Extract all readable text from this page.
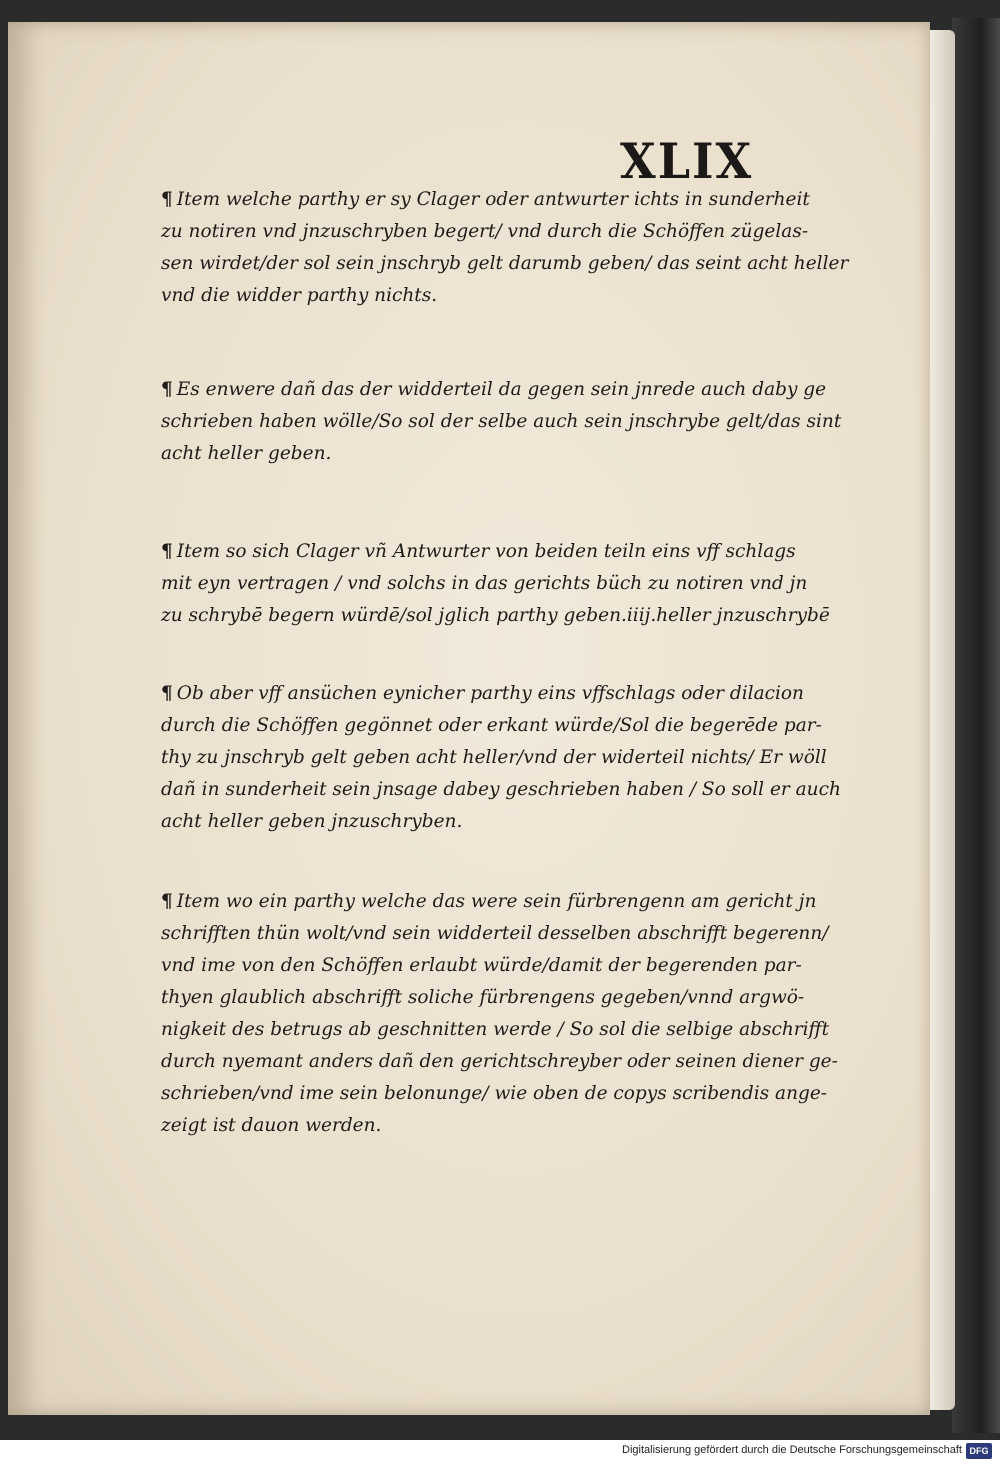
XLIX

¶ Item welche parthy er sy Clager oder antwurter ichts in sunderheit
zu notiren vnd jnzuschryben begert/ vnd durch die Schöffen zügelas-
sen wirdet/der sol sein jnschryb gelt darumb geben/ das seint acht heller
vnd die widder parthy nichts.

¶ Es enwere dañ das der widderteil da gegen sein jnrede auch daby ge
schrieben haben wölle/So sol der selbe auch sein jnschrybe gelt/das sint
acht heller geben.

¶ Item so sich Clager vñ Antwurter von beiden teiln eins vff schlags
mit eyn vertragen / vnd solchs in das gerichts büch zu notiren vnd jn
zu schrybē begern würdē/sol jglich parthy geben.iiij.heller jnzuschrybē

¶ Ob aber vff ansüchen eynicher parthy eins vffschlags oder dilacion
durch die Schöffen gegönnet oder erkant würde/Sol die begerēde par-
thy zu jnschryb gelt geben acht heller/vnd der widerteil nichts/ Er wöll
dañ in sunderheit sein jnsage dabey geschrieben haben / So soll er auch
acht heller geben jnzuschryben.

¶ Item wo ein parthy welche das were sein fürbrengenn am gericht jn
schrifften thün wolt/vnd sein widderteil desselben abschrifft begerenn/
vnd ime von den Schöffen erlaubt würde/damit der begerenden par-
thyen glaublich abschrifft soliche fürbrengens gegeben/vnnd argwö-
nigkeit des betrugs ab geschnitten werde / So sol die selbige abschrifft
durch nyemant anders dañ den gerichtschreyber oder seinen diener ge-
schrieben/vnd ime sein belonunge/ wie oben de copys scribendis ange-
zeigt ist dauon werden.

Digitalisierung gefördert durch die Deutsche Forschungsgemeinschaft DFG
